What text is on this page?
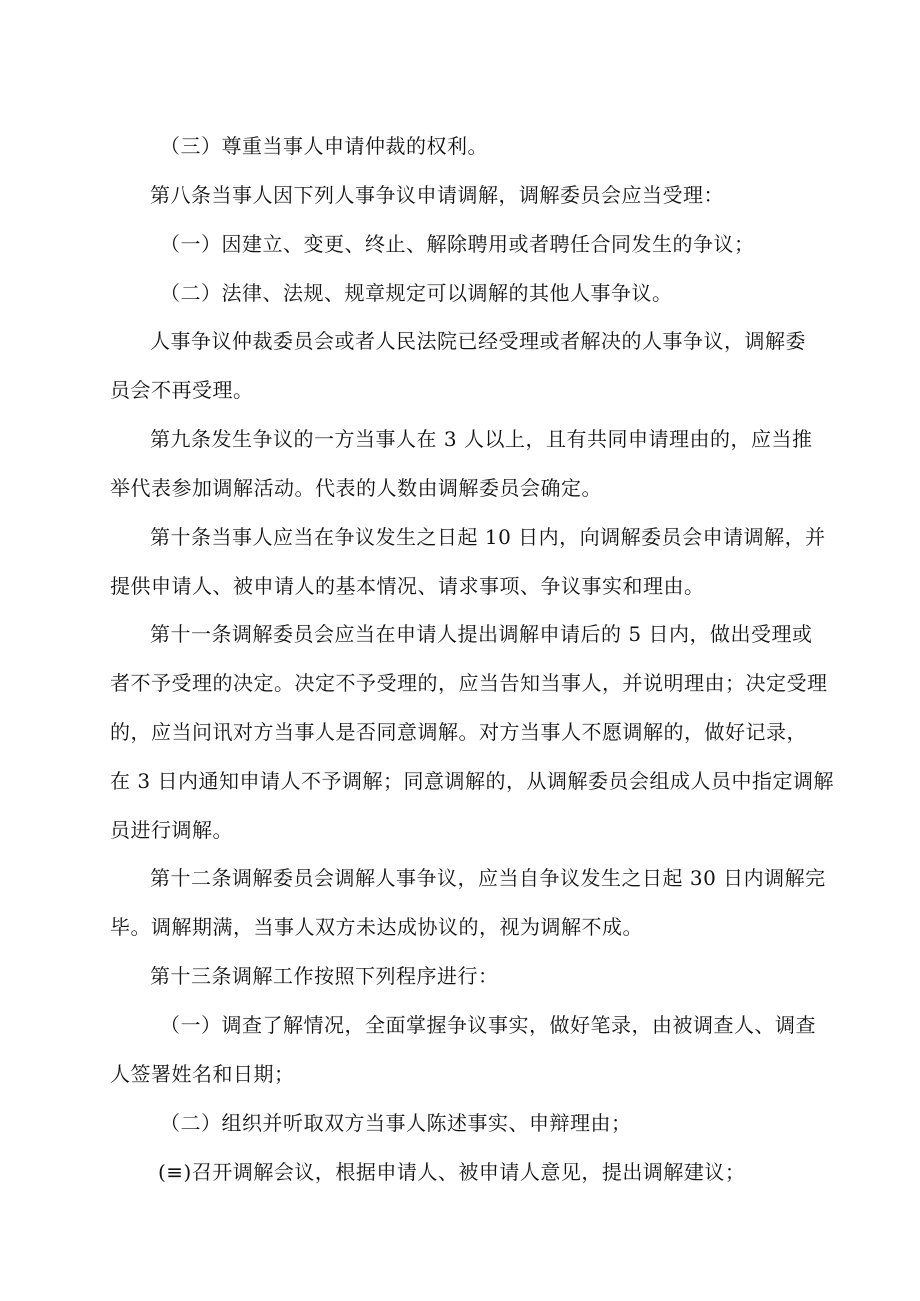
（三）尊重当事人申请仲裁的权利。
第八条当事人因下列人事争议申请调解，调解委员会应当受理：
（一）因建立、变更、终止、解除聘用或者聘任合同发生的争议；
（二）法律、法规、规章规定可以调解的其他人事争议。
人事争议仲裁委员会或者人民法院已经受理或者解决的人事争议，调解委
员会不再受理。
第九条发生争议的一方当事人在 3 人以上，且有共同申请理由的，应当推
举代表参加调解活动。代表的人数由调解委员会确定。
第十条当事人应当在争议发生之日起 10 日内，向调解委员会申请调解，并
提供申请人、被申请人的基本情况、请求事项、争议事实和理由。
第十一条调解委员会应当在申请人提出调解申请后的 5 日内，做出受理或
者不予受理的决定。决定不予受理的，应当告知当事人，并说明理由；决定受理
的，应当问讯对方当事人是否同意调解。对方当事人不愿调解的，做好记录，
在 3 日内通知申请人不予调解；同意调解的，从调解委员会组成人员中指定调解
员进行调解。
第十二条调解委员会调解人事争议，应当自争议发生之日起 30 日内调解完
毕。调解期满，当事人双方未达成协议的，视为调解不成。
第十三条调解工作按照下列程序进行：
（一）调查了解情况，全面掌握争议事实，做好笔录，由被调查人、调查
人签署姓名和日期；
（二）组织并听取双方当事人陈述事实、申辩理由；
(≡)召开调解会议，根据申请人、被申请人意见，提出调解建议；
